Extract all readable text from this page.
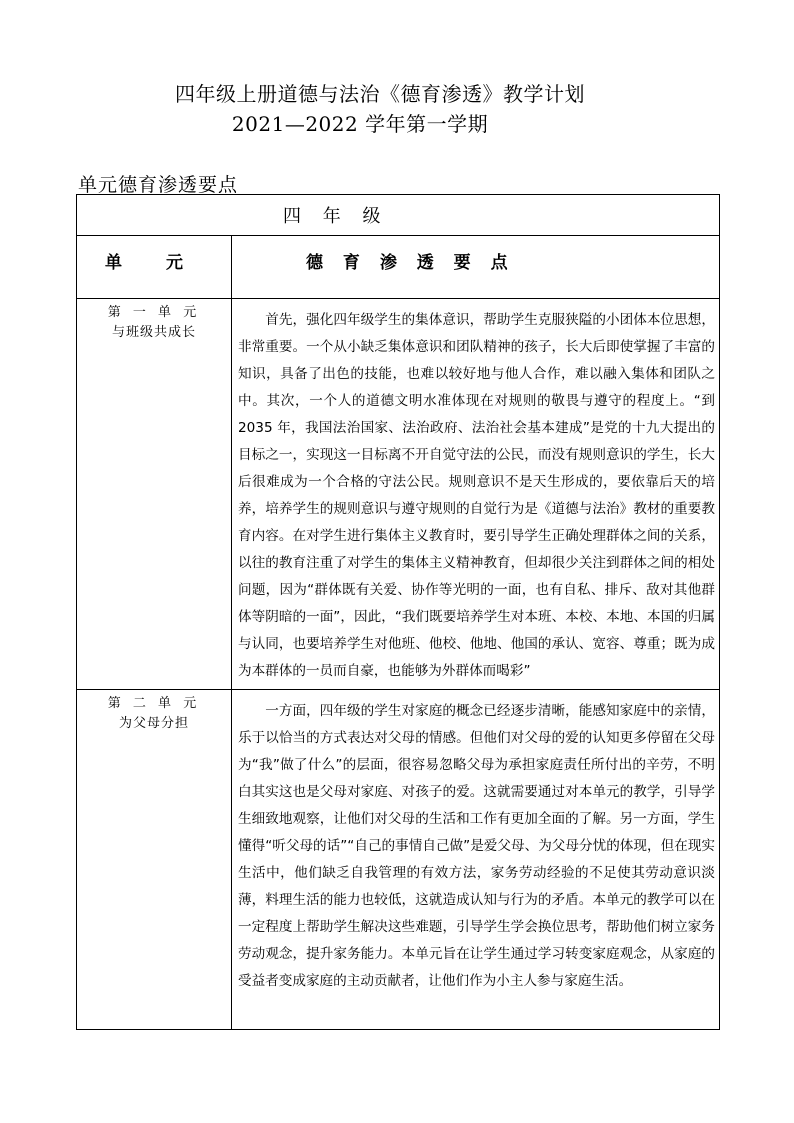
四年级上册道德与法治《德育渗透》教学计划
2021—2022 学年第一学期
单元德育渗透要点
四 年 级	

单元	德 育 渗 透 要 点

第 一 单 元
与班级共成长	首先，强化四年级学生的集体意识，帮助学生克服狭隘的小团体本位思想，非常重要。一个从小缺乏集体意识和团队精神的孩子，长大后即使掌握了丰富的知识，具备了出色的技能，也难以较好地与他人合作，难以融入集体和团队之中。其次，一个人的道德文明水准体现在对规则的敬畏与遵守的程度上。“到 2035 年，我国法治国家、法治政府、法治社会基本建成”是党的十九大提出的目标之一，实现这一目标离不开自觉守法的公民，而没有规则意识的学生，长大后很难成为一个合格的守法公民。规则意识不是天生形成的，要依靠后天的培养，培养学生的规则意识与遵守规则的自觉行为是《道德与法治》教材的重要教育内容。在对学生进行集体主义教育时，要引导学生正确处理群体之间的关系，以往的教育注重了对学生的集体主义精神教育，但却很少关注到群体之间的相处问题，因为“群体既有关爱、协作等光明的一面，也有自私、排斥、敌对其他群体等阴暗的一面”，因此，“我们既要培养学生对本班、本校、本地、本国的归属与认同，也要培养学生对他班、他校、他地、他国的承认、宽容、尊重；既为成为本群体的一员而自豪，也能够为外群体而喝彩”

第 二 单 元
为父母分担	一方面，四年级的学生对家庭的概念已经逐步清晰，能感知家庭中的亲情，乐于以恰当的方式表达对父母的情感。但他们对父母的爱的认知更多停留在父母为“我”做了什么”的层面，很容易忽略父母为承担家庭责任所付出的辛劳，不明白其实这也是父母对家庭、对孩子的爱。这就需要通过对本单元的教学，引导学生细致地观察，让他们对父母的生活和工作有更加全面的了解。另一方面，学生懂得“听父母的话”“自己的事情自己做”是爱父母、为父母分忧的体现，但在现实生活中，他们缺乏自我管理的有效方法，家务劳动经验的不足使其劳动意识淡薄，料理生活的能力也较低，这就造成认知与行为的矛盾。本单元的教学可以在一定程度上帮助学生解决这些难题，引导学生学会换位思考，帮助他们树立家务劳动观念，提升家务能力。本单元旨在让学生通过学习转变家庭观念，从家庭的受益者变成家庭的主动贡献者，让他们作为小主人参与家庭生活。
